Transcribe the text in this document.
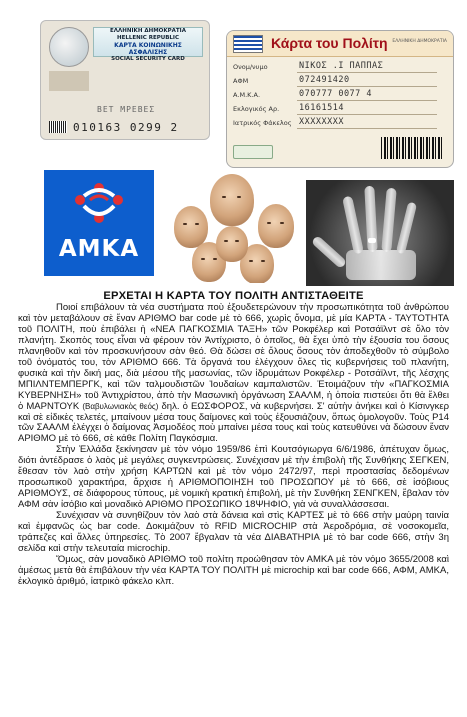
ΕΛΛΗΝΙΚΗ ΔΗΜΟΚΡΑΤΙΑ
HELLENIC REPUBLIC
ΚΑΡΤΑ ΚΟΙΝΩΝΙΚΗΣ ΑΣΦΑΛΙΣΗΣ
SOCIAL SECURITY CARD
ΒΕΤ ΜΡΕΒΕΣ
010163 0299 2
Κάρτα του Πολίτη ΕΛΛΗΝΙΚΗ ΔΗΜΟΚΡΑΤΙΑ
Ονομ/νυμο	ΝΙΚΟΣ .Ι ΠΑΠΠΑΣ
ΑΦΜ	072491420
Α.Μ.Κ.Α.	070777 0077 4
Εκλογικός Αρ. 16161514
Ιατρικός Φάκελος XXXXXXXX
ΑΜΚΑ
ΕΡΧΕΤΑΙ Η ΚΑΡΤΑ ΤΟΥ ΠΟΛΙΤΗ ΑΝΤΙΣΤΑΘΕΙΤΕ

Ποιοί επιβάλουν τὰ νέα συστήματα ποὺ ἐξουδετερώνουν τὴν προσωπικότητα τοῦ ἀνθρώπου καὶ τὸν μεταβάλουν σὲ ἕναν ΑΡΙΘΜΟ bar code μὲ τὸ 666, χωρὶς ὄνομα, μὲ μία ΚΑΡΤΑ - ΤΑΥΤΟΤΗΤΑ τοῦ ΠΟΛΙΤΗ, ποὺ ἐπιβάλει ἡ «ΝΕΑ ΠΑΓΚΟΣΜΙΑ ΤΑΞΗ» τῶν Ροκφέλερ καὶ Ροτσάϊλντ σὲ ὅλο τὸν πλανήτη. Σκοπὸς τους εἶναι νὰ φέρουν τὸν Ἀντίχριστο, ὁ ὁποῖος, θὰ ἔχει ὑπὸ τὴν ἐξουσία του ὅσους πλανηθοῦν καὶ τὸν προσκυνήσουν σὰν θεό. Θὰ δώσει σὲ ὅλους ὅσους τὸν ἀποδεχθοῦν τὸ σύμβολο τοῦ ὀνόματός του, τὸν ΑΡΙΘΜΟ 666. Τὰ ὄργανά του ἐλέγχουν ὅλες τὶς κυβερνήσεις τοῦ πλανήτη, φυσικὰ καὶ τὴν δική μας, διὰ μέσου τῆς μασωνίας, τῶν ἰδρυμάτων Ροκφέλερ - Ροτσάϊλντ, τῆς λέσχης ΜΠΙΛΝΤΕΜΠΕΡΓΚ, καὶ τῶν ταλμουδιστῶν Ἰουδαίων καμπαλιστῶν. Ἑτοιμάζουν τὴν «ΠΑΓΚΟΣΜΙΑ ΚΥΒΕΡΝΗΣΗ» τοῦ Ἀντιχρίστου, ἀπὸ τὴν Μασωνικὴ ὀργάνωση ΣΑΑΛΜ, ἡ ὁποία πιστεύει ὅτι θὰ ἔλθει ὁ ΜΑΡΝΤΟΥΚ (Βαβυλωνιακὸς θεός) δηλ. ὁ ΕΩΣΦΟΡΟΣ, νὰ κυβερνήσει. Σ' αὐτὴν ἀνήκει καὶ ὁ Κίσινγκερ καὶ σὲ εἰδικὲς τελετές, μπαίνουν μέσα τους δαίμονες καὶ τοὺς ἐξουσιάζουν, ὅπως ὁμολογοῦν. Τοὺς Ρ14 τῶν ΣΑΑΛΜ ἐλέγχει ὁ δαίμονας Ἀσμοδέος ποὺ μπαίνει μέσα τους καὶ τοὺς κατευθύνει νὰ δώσουν ἕναν ΑΡΙΘΜΟ μὲ τὸ 666, σὲ κάθε Πολίτη Παγκόσμια.

Στὴν Ἑλλάδα ξεκίνησαν μὲ τὸν νόμο 1959/86 ἐπὶ Κουτσόγιωργα 6/6/1986, ἀπέτυχαν ὅμως, διότι ἀντέδρασε ὁ λαὸς μὲ μεγάλες συγκεντρώσεις. Συνέχισαν μὲ τὴν ἐπιβολὴ τῆς Συνθήκης ΣΕΓΚΕΝ, ἔθεσαν τὸν λαὸ στὴν χρήση ΚΑΡΤΩΝ καὶ μὲ τὸν νόμο 2472/97, περὶ προστασίας δεδομένων προσωπικοῦ χαρακτήρα, ἄρχισε ἡ ΑΡΙΘΜΟΠΟΙΗΣΗ τοῦ ΠΡΟΣΩΠΟΥ μὲ τὸ 666, σὲ ἰσόβιους ΑΡΙΘΜΟΥΣ, σὲ διάφορους τύπους, μὲ νομικὴ κρατικὴ ἐπιβολή, μὲ τὴν Συνθήκη ΣΕΝΓΚΕΝ, ἔβαλαν τὸν ΑΦΜ σὰν ἰσόβιο καὶ μοναδικὸ ΑΡΙΘΜΟ ΠΡΟΣΩΠΙΚΟ 18ΨΗΦΙΟ, γιὰ νὰ συναλλάσσεσαι.

Συνέχισαν νὰ συνηθίζουν τὸν λαὸ στὰ δάνεια καὶ στὶς ΚΑΡΤΕΣ μὲ τὸ 666 στὴν μαύρη ταινία καὶ ἐμφανῶς ὡς bar code. Δοκιμάζουν τὸ RFID MICROCHIP στὰ Ἀεροδρόμια, σὲ νοσοκομεῖα, τράπεζες καὶ ἄλλες ὑπηρεσίες. Τὸ 2007 ἔβγαλαν τὰ νέα ΔΙΑΒΑΤΗΡΙΑ μὲ τὸ bar code 666, στὴν 3η σελίδα καὶ στὴν τελευταία microchip.

Ὅμως, σὰν μοναδικὸ ΑΡΙΘΜΟ τοῦ πολίτη προώθησαν τὸν ΑΜΚΑ μὲ τὸν νόμο 3655/2008 καὶ ἀμέσως μετὰ θὰ ἐπιβάλουν τὴν νέα ΚΑΡΤΑ ΤΟΥ ΠΟΛΙΤΗ μὲ microchip καὶ bar code 666, ΑΦΜ, ΑΜΚΑ, ἐκλογικὸ ἀριθμό, ἰατρικὸ φάκελο κλπ.
